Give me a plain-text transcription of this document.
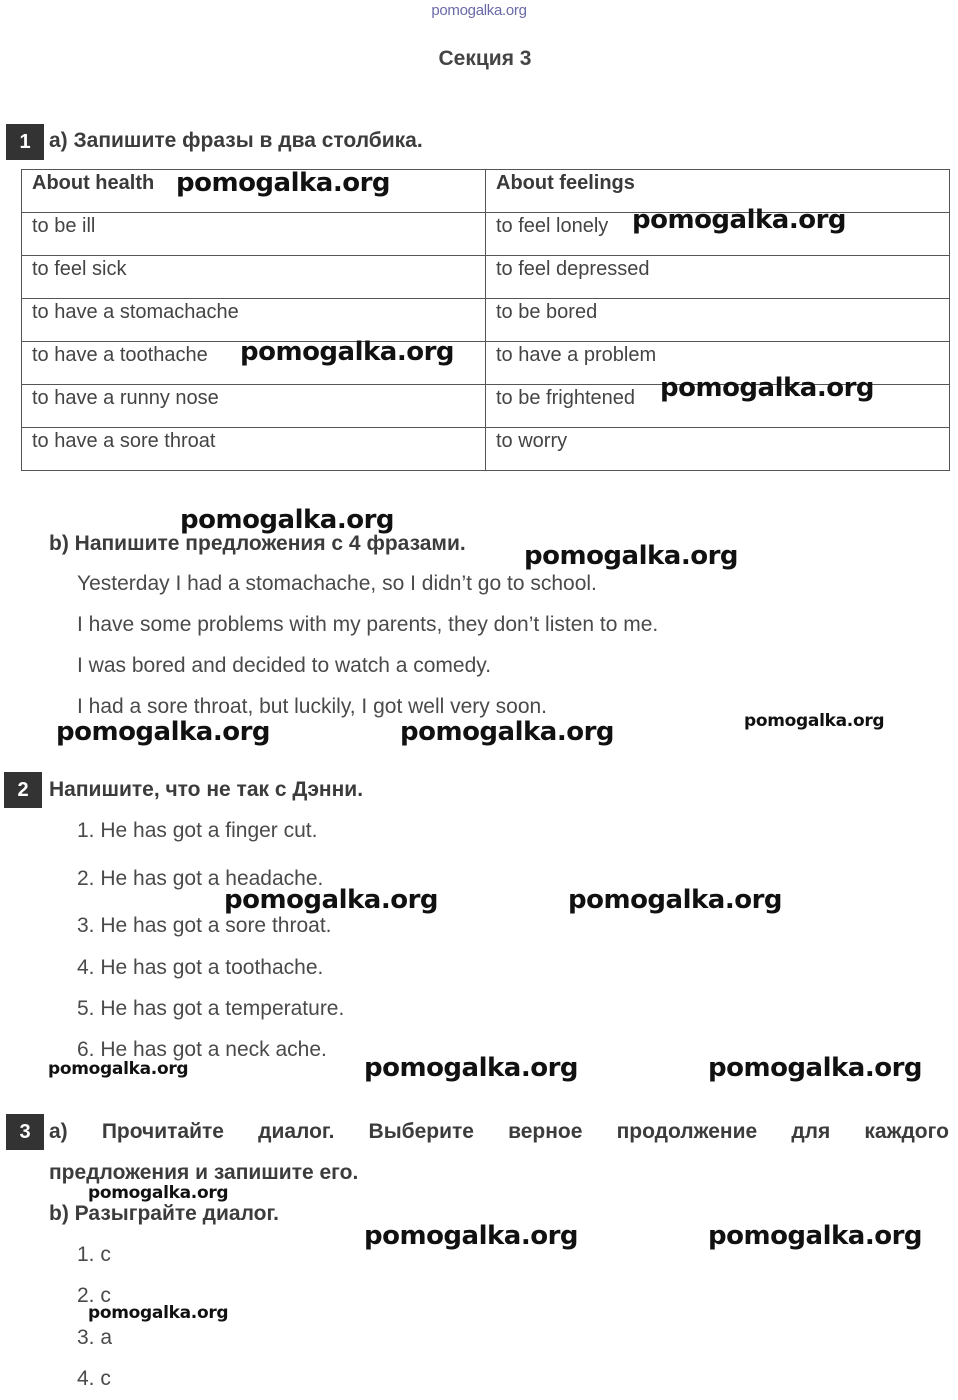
pomogalka.org
Секция 3
1 a) Запишите фразы в два столбика.
About health	About feelings
to be ill	to feel lonely
to feel sick	to feel depressed
to have a stomachache	to be bored
to have a toothache	to have a problem
to have a runny nose	to be frightened
to have a sore throat	to worry
pomogalka.org
pomogalka.org
pomogalka.org
pomogalka.org
pomogalka.org
b) Напишите предложения с 4 фразами. pomogalka.org
Yesterday I had a stomachache, so I didn’t go to school.
I have some problems with my parents, they don’t listen to me.
I was bored and decided to watch a comedy.
I had a sore throat, but luckily, I got well very soon.
pomogalka.org	pomogalka.org	pomogalka.org
2 Напишите, что не так с Дэнни.
1. He has got a finger cut.
2. He has got a headache.
3. He has got a sore throat.
4. He has got a toothache.
5. He has got a temperature.
6. He has got a neck ache.
pomogalka.org	pomogalka.org
pomogalka.org	pomogalka.org	pomogalka.org
3 a) Прочитайте диалог. Выберите верное продолжение для каждого
предложения и запишите его.
pomogalka.org
b) Разыграйте диалог.
1. c
2. c
3. a
4. c
pomogalka.org	pomogalka.org
pomogalka.org
